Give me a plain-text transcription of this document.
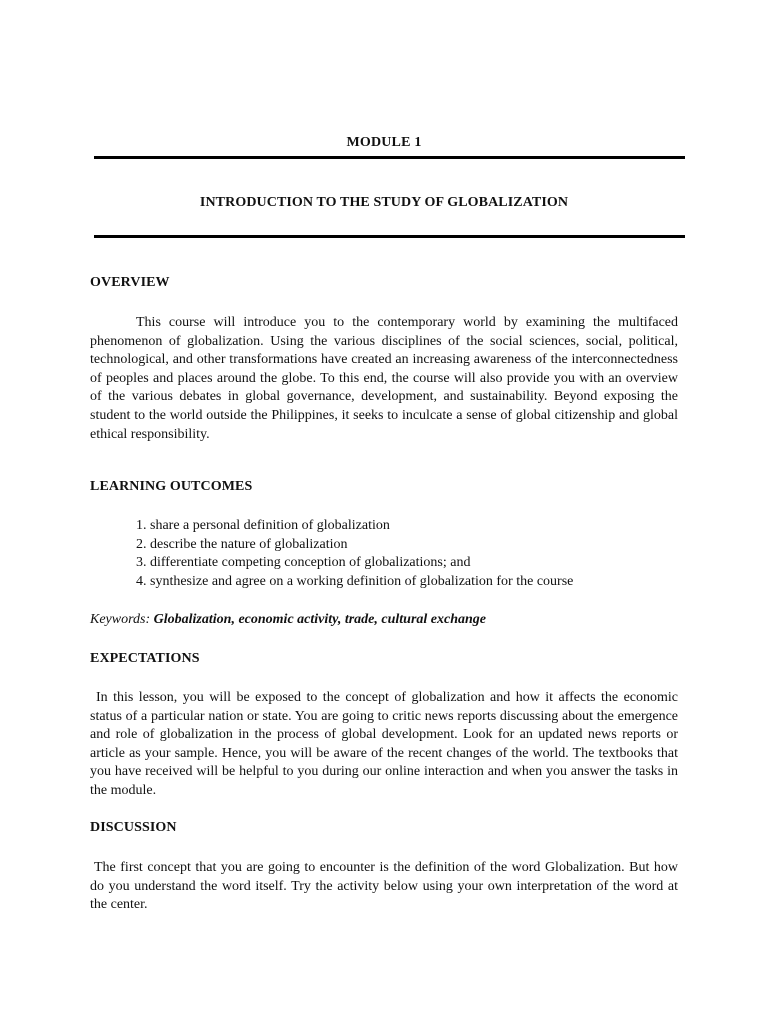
MODULE 1
INTRODUCTION TO THE STUDY OF GLOBALIZATION
OVERVIEW
This course will introduce you to the contemporary world by examining the multifaced phenomenon of globalization. Using the various disciplines of the social sciences, social, political, technological, and other transformations have created an increasing awareness of the interconnectedness of peoples and places around the globe. To this end, the course will also provide you with an overview of the various debates in global governance, development, and sustainability. Beyond exposing the student to the world outside the Philippines, it seeks to inculcate a sense of global citizenship and global ethical responsibility.
LEARNING OUTCOMES
1. share a personal definition of globalization
2. describe the nature of globalization
3. differentiate competing conception of globalizations; and
4. synthesize and agree on a working definition of globalization for the course
Keywords: Globalization, economic activity, trade, cultural exchange
EXPECTATIONS
In this lesson, you will be exposed to the concept of globalization and how it affects the economic status of a particular nation or state. You are going to critic news reports discussing about the emergence and role of globalization in the process of global development. Look for an updated news reports or article as your sample. Hence, you will be aware of the recent changes of the world. The textbooks that you have received will be helpful to you during our online interaction and when you answer the tasks in the module.
DISCUSSION
The first concept that you are going to encounter is the definition of the word Globalization. But how do you understand the word itself. Try the activity below using your own interpretation of the word at the center.
